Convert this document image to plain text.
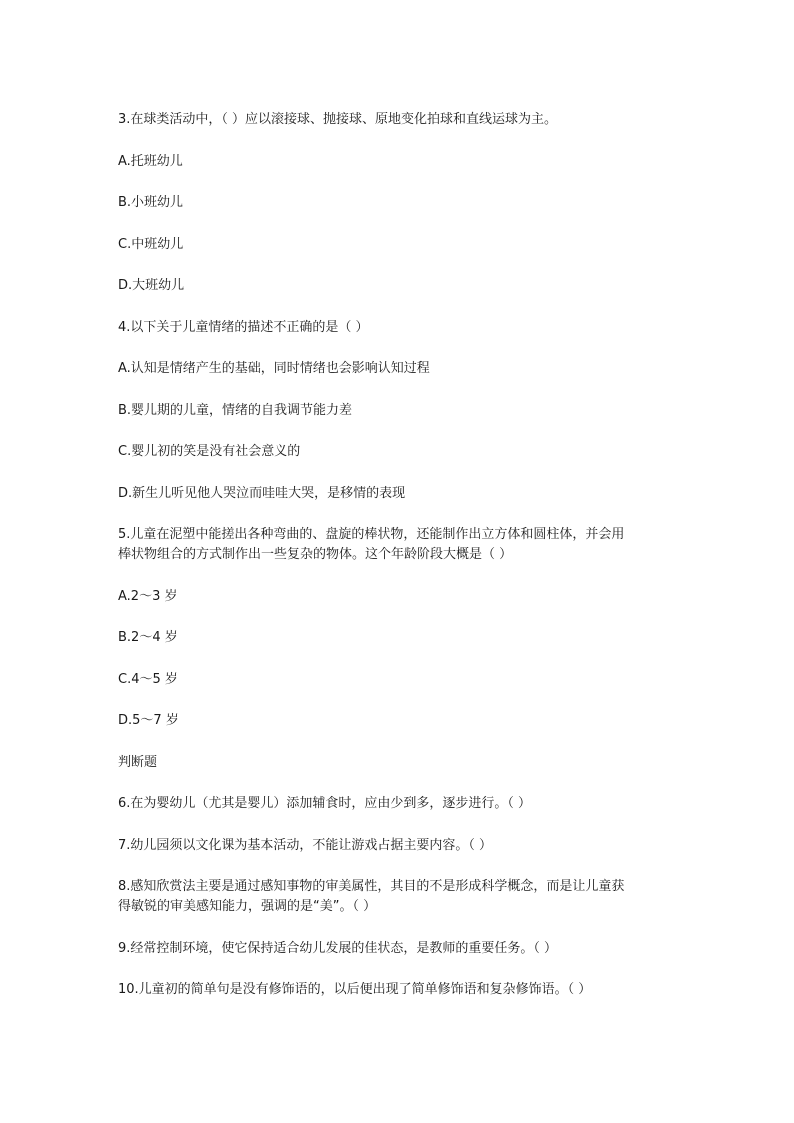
3.在球类活动中，（ ）应以滚接球、抛接球、原地变化拍球和直线运球为主。

A.托班幼儿

B.小班幼儿

C.中班幼儿

D.大班幼儿

4.以下关于儿童情绪的描述不正确的是（ ）

A.认知是情绪产生的基础，同时情绪也会影响认知过程

B.婴儿期的儿童，情绪的自我调节能力差

C.婴儿初的笑是没有社会意义的

D.新生儿听见他人哭泣而哇哇大哭，是移情的表现

5.儿童在泥塑中能搓出各种弯曲的、盘旋的棒状物，还能制作出立方体和圆柱体，并会用

棒状物组合的方式制作出一些复杂的物体。这个年龄阶段大概是（ ）

A.2～3 岁

B.2～4 岁

C.4～5 岁

D.5～7 岁

判断题

6.在为婴幼儿（尤其是婴儿）添加辅食时，应由少到多，逐步进行。（ ）

7.幼儿园须以文化课为基本活动，不能让游戏占据主要内容。（ ）

8.感知欣赏法主要是通过感知事物的审美属性，其目的不是形成科学概念，而是让儿童获

得敏锐的审美感知能力，强调的是“美”。（ ）

9.经常控制环境，使它保持适合幼儿发展的佳状态，是教师的重要任务。（ ）

10.儿童初的简单句是没有修饰语的，以后便出现了简单修饰语和复杂修饰语。（ ）
